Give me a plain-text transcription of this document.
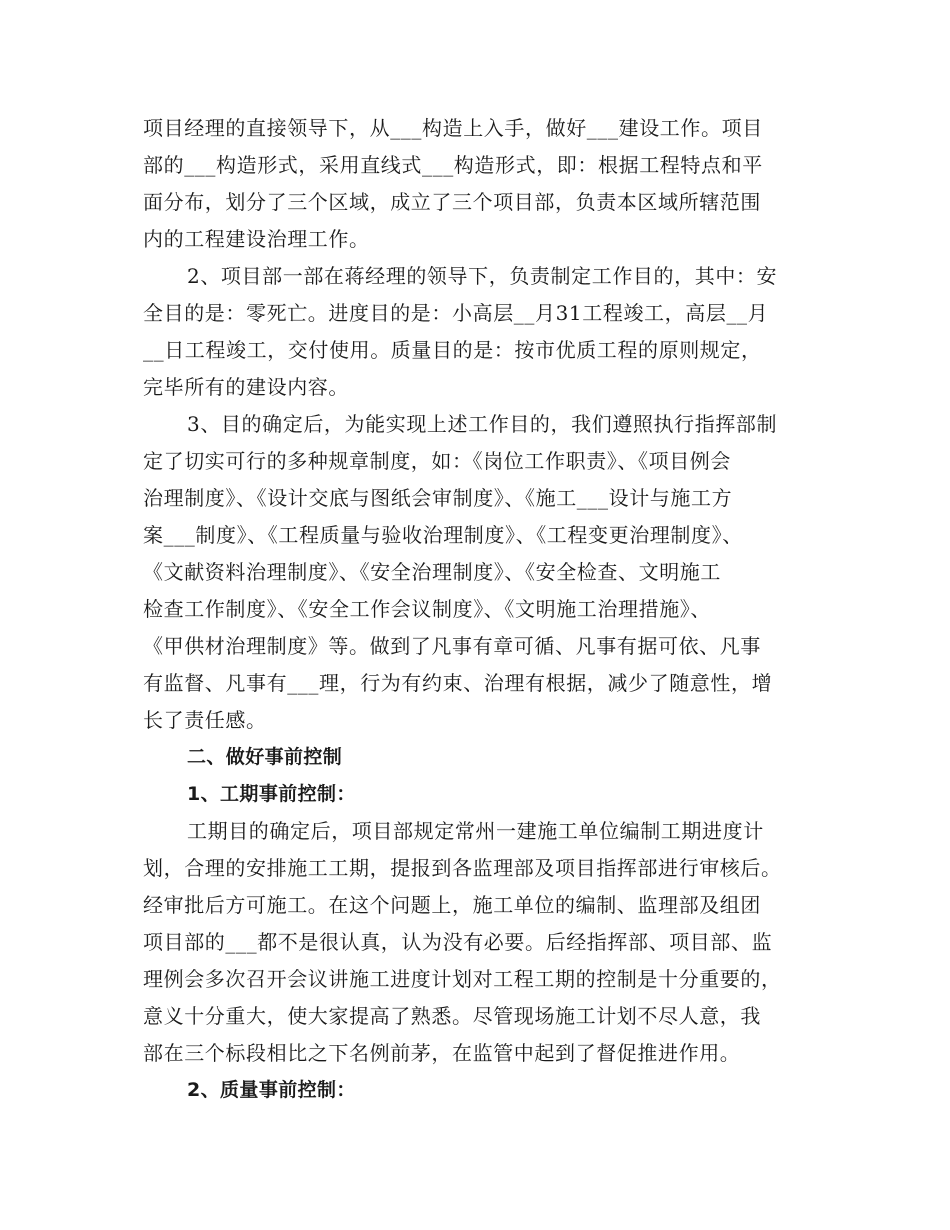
项目经理的直接领导下，从___构造上入手，做好___建设工作。项目

部的___构造形式，采用直线式___构造形式，即：根据工程特点和平

面分布，划分了三个区域，成立了三个项目部，负责本区域所辖范围

内的工程建设治理工作。

2、项目部一部在蒋经理的领导下，负责制定工作目的，其中：安

全目的是：零死亡。进度目的是：小高层__月31工程竣工，高层__月

__日工程竣工，交付使用。质量目的是：按市优质工程的原则规定，

完毕所有的建设内容。

3、目的确定后，为能实现上述工作目的，我们遵照执行指挥部制

定了切实可行的多种规章制度，如：《岗位工作职责》、《项目例会

治理制度》、《设计交底与图纸会审制度》、《施工___设计与施工方

案___制度》、《工程质量与验收治理制度》、《工程变更治理制度》、

《文献资料治理制度》、《安全治理制度》、《安全检查、文明施工

检查工作制度》、《安全工作会议制度》、《文明施工治理措施》、

《甲供材治理制度》等。做到了凡事有章可循、凡事有据可依、凡事

有监督、凡事有___理，行为有约束、治理有根据，减少了随意性，增

长了责任感。

二、做好事前控制

1、工期事前控制：

工期目的确定后，项目部规定常州一建施工单位编制工期进度计

划，合理的安排施工工期，提报到各监理部及项目指挥部进行审核后。

经审批后方可施工。在这个问题上，施工单位的编制、监理部及组团

项目部的___都不是很认真，认为没有必要。后经指挥部、项目部、监

理例会多次召开会议讲施工进度计划对工程工期的控制是十分重要的，

意义十分重大，使大家提高了熟悉。尽管现场施工计划不尽人意，我

部在三个标段相比之下名例前茅，在监管中起到了督促推进作用。

2、质量事前控制：
